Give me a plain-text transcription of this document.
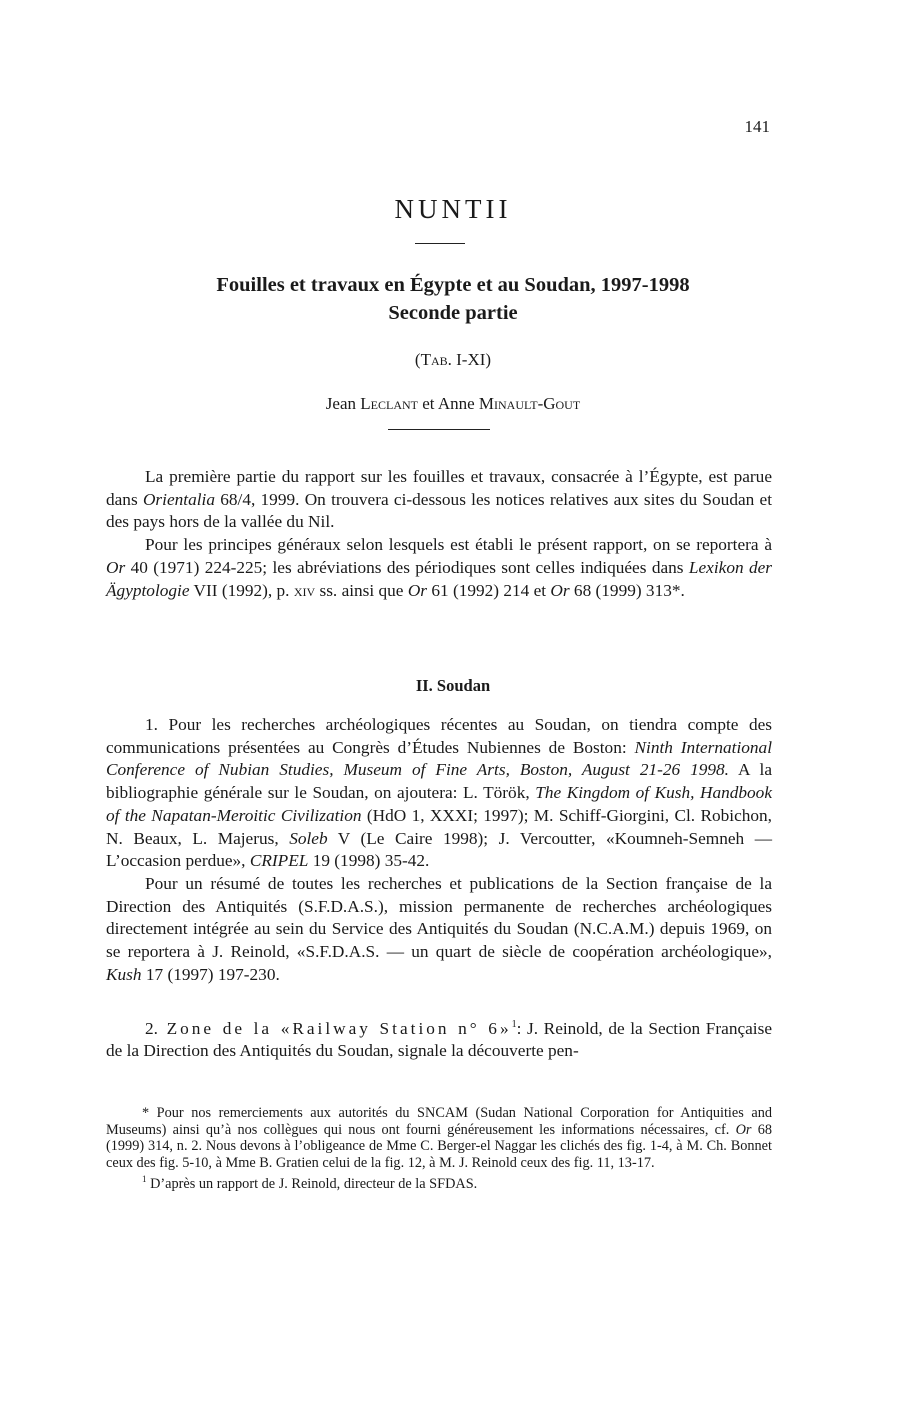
141
NUNTII
Fouilles et travaux en Égypte et au Soudan, 1997-1998
Seconde partie
(Tab. I-XI)
Jean Leclant et Anne Minault-Gout

La première partie du rapport sur les fouilles et travaux, consacrée à l’Égypte, est parue dans Orientalia 68/4, 1999. On trouvera ci-dessous les notices relatives aux sites du Soudan et des pays hors de la vallée du Nil.

Pour les principes généraux selon lesquels est établi le présent rapport, on se reportera à Or 40 (1971) 224-225; les abréviations des périodiques sont celles indiquées dans Lexikon der Ägyptologie VII (1992), p. xiv ss. ainsi que Or 61 (1992) 214 et Or 68 (1999) 313*.

II. Soudan

1. Pour les recherches archéologiques récentes au Soudan, on tiendra compte des communications présentées au Congrès d’Études Nubiennes de Boston: Ninth International Conference of Nubian Studies, Museum of Fine Arts, Boston, August 21-26 1998. A la bibliographie générale sur le Soudan, on ajoutera: L. Török, The Kingdom of Kush, Handbook of the Napatan-Meroitic Civilization (HdO 1, XXXI; 1997); M. Schiff-Giorgini, Cl. Robichon, N. Beaux, L. Majerus, Soleb V (Le Caire 1998); J. Vercoutter, «Koumneh-Semneh — L’occasion perdue», CRIPEL 19 (1998) 35-42.

Pour un résumé de toutes les recherches et publications de la Section française de la Direction des Antiquités (S.F.D.A.S.), mission permanente de recherches archéologiques directement intégrée au sein du Service des Antiquités du Soudan (N.C.A.M.) depuis 1969, on se reportera à J. Reinold, «S.F.D.A.S. — un quart de siècle de coopération archéologique», Kush 17 (1997) 197-230.

2. Zone de la «Railway Station n° 6»$^1$: J. Reinold, de la Section Française de la Direction des Antiquités du Soudan, signale la découverte pen-

* Pour nos remerciements aux autorités du SNCAM (Sudan National Corporation for Antiquities and Museums) ainsi qu’à nos collègues qui nous ont fourni généreusement les informations nécessaires, cf. Or 68 (1999) 314, n. 2. Nous devons à l’obligeance de Mme C. Berger-el Naggar les clichés des fig. 1-4, à M. Ch. Bonnet ceux des fig. 5-10, à Mme B. Gratien celui de la fig. 12, à M. J. Reinold ceux des fig. 11, 13-17.

$^1$ D’après un rapport de J. Reinold, directeur de la SFDAS.
